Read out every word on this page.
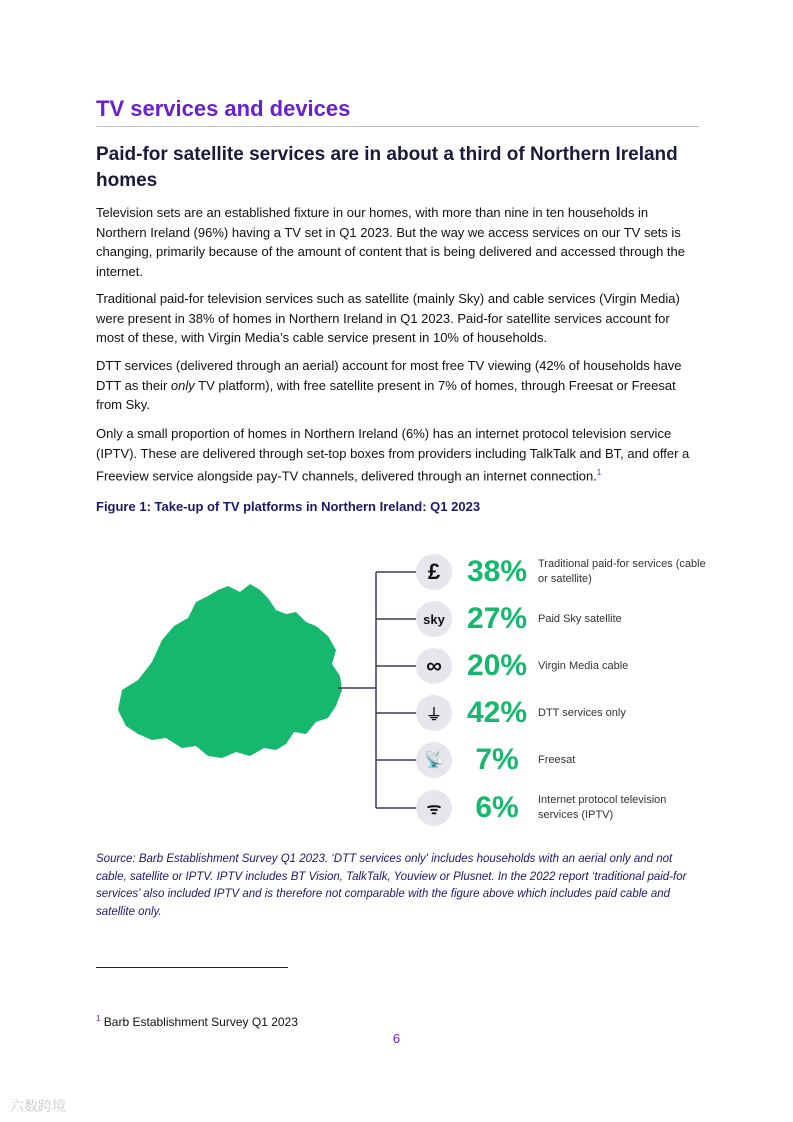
TV services and devices
Paid-for satellite services are in about a third of Northern Ireland homes

Television sets are an established fixture in our homes, with more than nine in ten households in Northern Ireland (96%) having a TV set in Q1 2023. But the way we access services on our TV sets is changing, primarily because of the amount of content that is being delivered and accessed through the internet.

Traditional paid-for television services such as satellite (mainly Sky) and cable services (Virgin Media) were present in 38% of homes in Northern Ireland in Q1 2023. Paid-for satellite services account for most of these, with Virgin Media’s cable service present in 10% of households.

DTT services (delivered through an aerial) account for most free TV viewing (42% of households have DTT as their only TV platform), with free satellite present in 7% of homes, through Freesat or Freesat from Sky.

Only a small proportion of homes in Northern Ireland (6%) has an internet protocol television service (IPTV). These are delivered through set-top boxes from providers including TalkTalk and BT, and offer a Freeview service alongside pay-TV channels, delivered through an internet connection.$^1$

Figure 1: Take-up of TV platforms in Northern Ireland: Q1 2023

£ 38% Traditional paid-for services (cable or satellite)
sky 27% Paid Sky satellite
∞ 20% Virgin Media cable
⏚ 42% DTT services only
📡	7%	Freesat
ᯤ	6%	Internet protocol television services (IPTV)

Source: Barb Establishment Survey Q1 2023. ‘DTT services only' includes households with an aerial only and not cable, satellite or IPTV. IPTV includes BT Vision, TalkTalk, Youview or Plusnet. In the 2022 report ‘traditional paid-for services’ also included IPTV and is therefore not comparable with the figure above which includes paid cable and satellite only.

$^1$ Barb Establishment Survey Q1 2023

6
六数跨境
